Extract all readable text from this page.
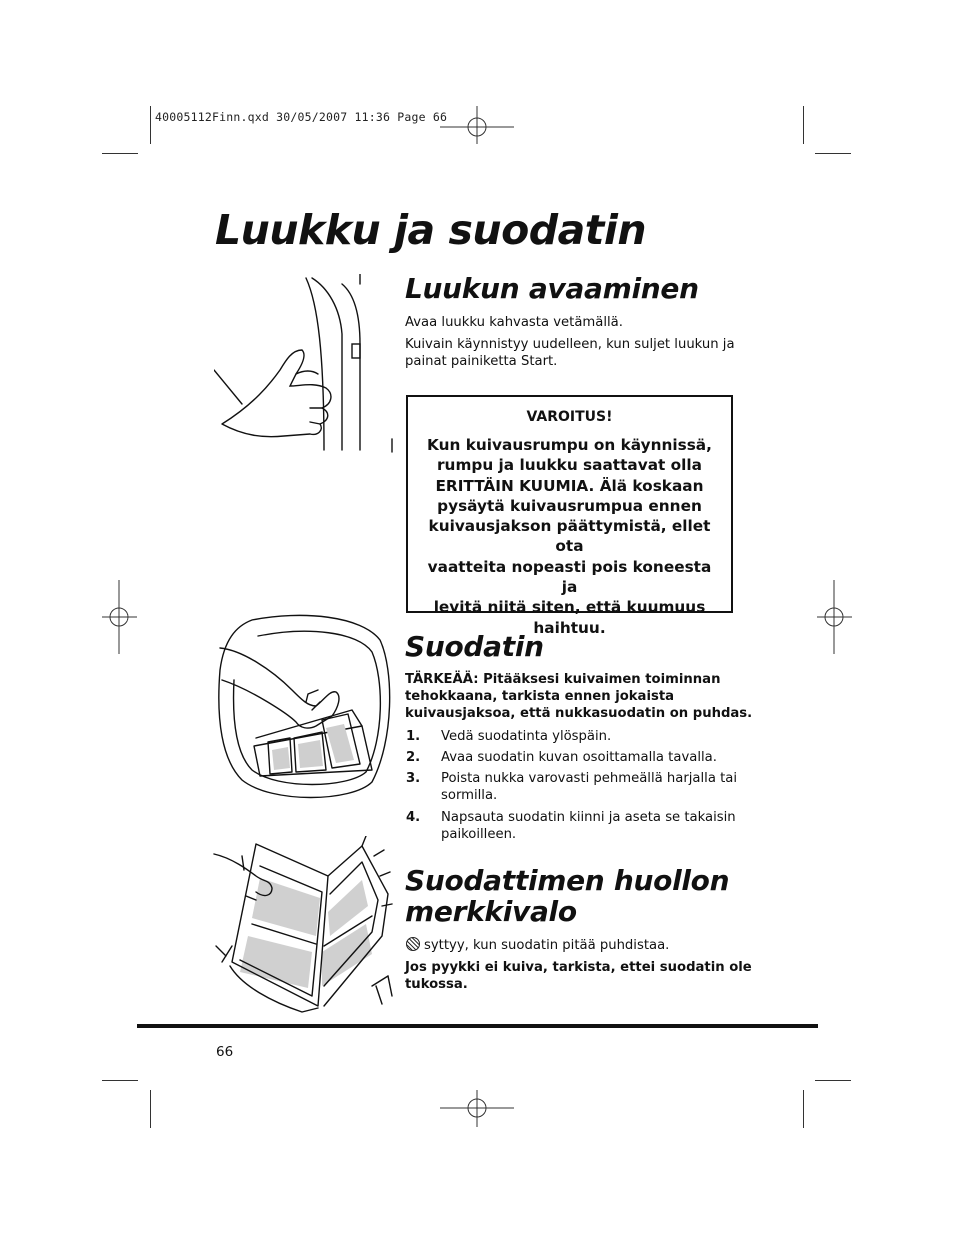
40005112Finn.qxd 30/05/2007 11:36 Page 66
Luukku ja suodatin
Luukun avaaminen
Avaa luukku kahvasta vetämällä.
Kuivain käynnistyy uudelleen, kun suljet luukun ja
painat painiketta Start.
VAROITUS!
Kun kuivausrumpu on käynnissä,
rumpu ja luukku saattavat olla
ERITTÄIN KUUMIA. Älä koskaan
pysäytä kuivausrumpua ennen
kuivausjakson päättymistä, ellet ota
vaatteita nopeasti pois koneesta ja
levitä niitä siten, että kuumuus
haihtuu.
Suodatin
TÄRKEÄÄ: Pitääksesi kuivaimen toiminnan
tehokkaana, tarkista ennen jokaista
kuivausjaksoa, että nukkasuodatin on puhdas.
1. Vedä suodatinta ylöspäin.
2. Avaa suodatin kuvan osoittamalla tavalla.
3. Poista nukka varovasti pehmeällä harjalla tai
sormilla.
4. Napsauta suodatin kiinni ja aseta se takaisin
paikoilleen.
Suodattimen huollon
merkkivalo
syttyy, kun suodatin pitää puhdistaa.
Jos pyykki ei kuiva, tarkista, ettei suodatin ole
tukossa.
66
